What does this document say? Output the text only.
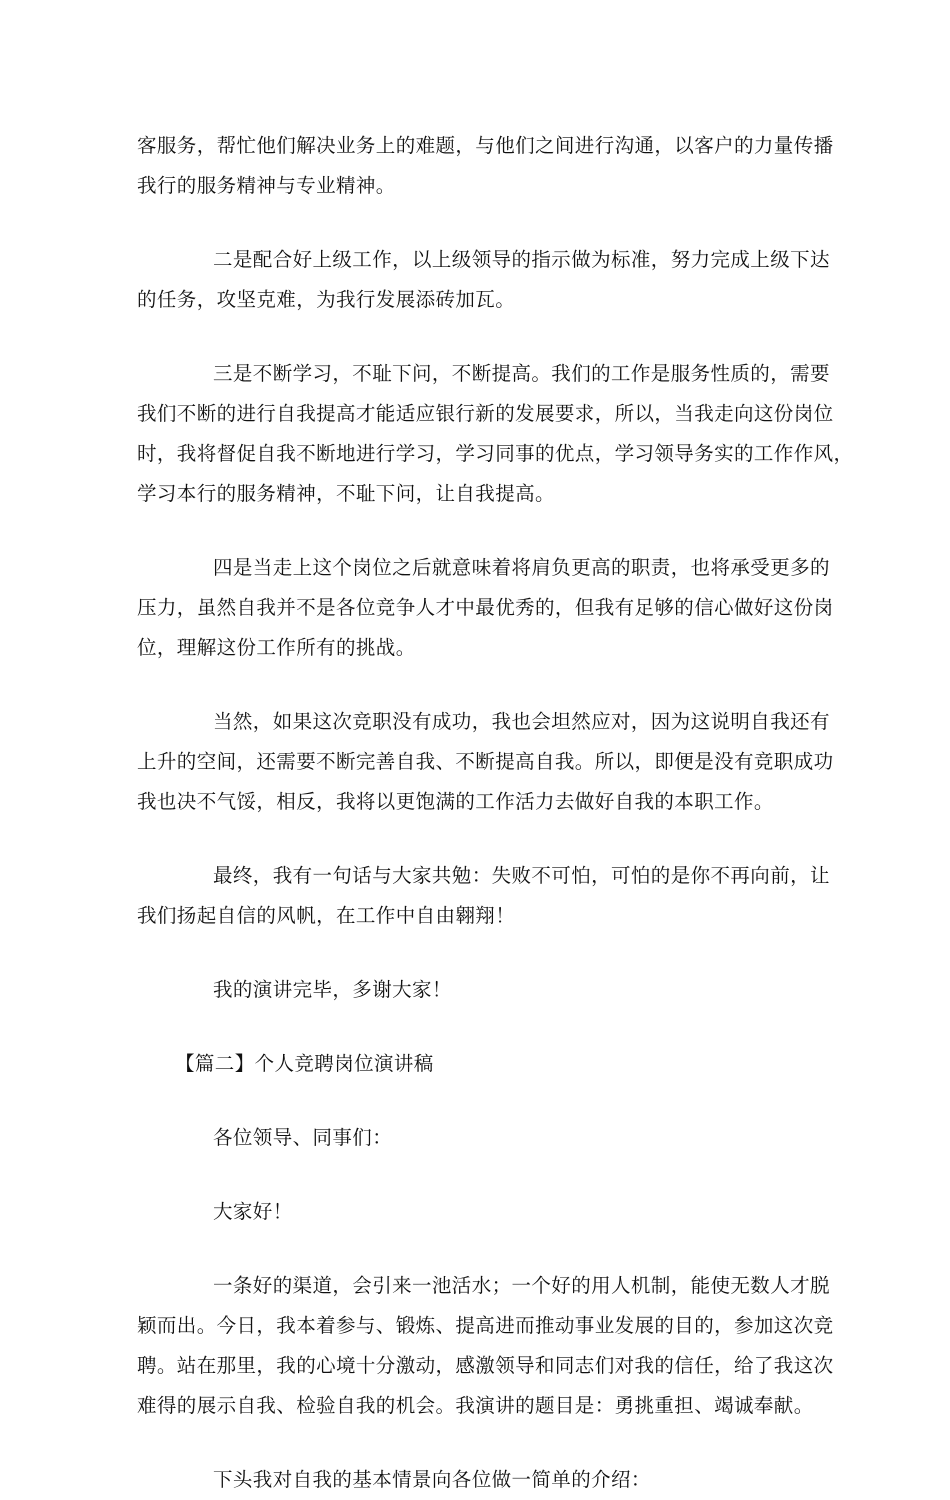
客服务，帮忙他们解决业务上的难题，与他们之间进行沟通，以客户的力量传播
我行的服务精神与专业精神。
二是配合好上级工作，以上级领导的指示做为标准，努力完成上级下达
的任务，攻坚克难，为我行发展添砖加瓦。
三是不断学习，不耻下问，不断提高。我们的工作是服务性质的，需要
我们不断的进行自我提高才能适应银行新的发展要求，所以，当我走向这份岗位
时，我将督促自我不断地进行学习，学习同事的优点，学习领导务实的工作作风，
学习本行的服务精神，不耻下问，让自我提高。
四是当走上这个岗位之后就意味着将肩负更高的职责，也将承受更多的
压力，虽然自我并不是各位竞争人才中最优秀的，但我有足够的信心做好这份岗
位，理解这份工作所有的挑战。
当然，如果这次竞职没有成功，我也会坦然应对，因为这说明自我还有
上升的空间，还需要不断完善自我、不断提高自我。所以，即便是没有竞职成功
我也决不气馁，相反，我将以更饱满的工作活力去做好自我的本职工作。
最终，我有一句话与大家共勉：失败不可怕，可怕的是你不再向前，让
我们扬起自信的风帆，在工作中自由翱翔！
我的演讲完毕，多谢大家！
【篇二】个人竞聘岗位演讲稿
各位领导、同事们：
大家好！
一条好的渠道，会引来一池活水；一个好的用人机制，能使无数人才脱
颖而出。今日，我本着参与、锻炼、提高进而推动事业发展的目的，参加这次竞
聘。站在那里，我的心境十分激动，感激领导和同志们对我的信任，给了我这次
难得的展示自我、检验自我的机会。我演讲的题目是：勇挑重担、竭诚奉献。
下头我对自我的基本情景向各位做一简单的介绍：
